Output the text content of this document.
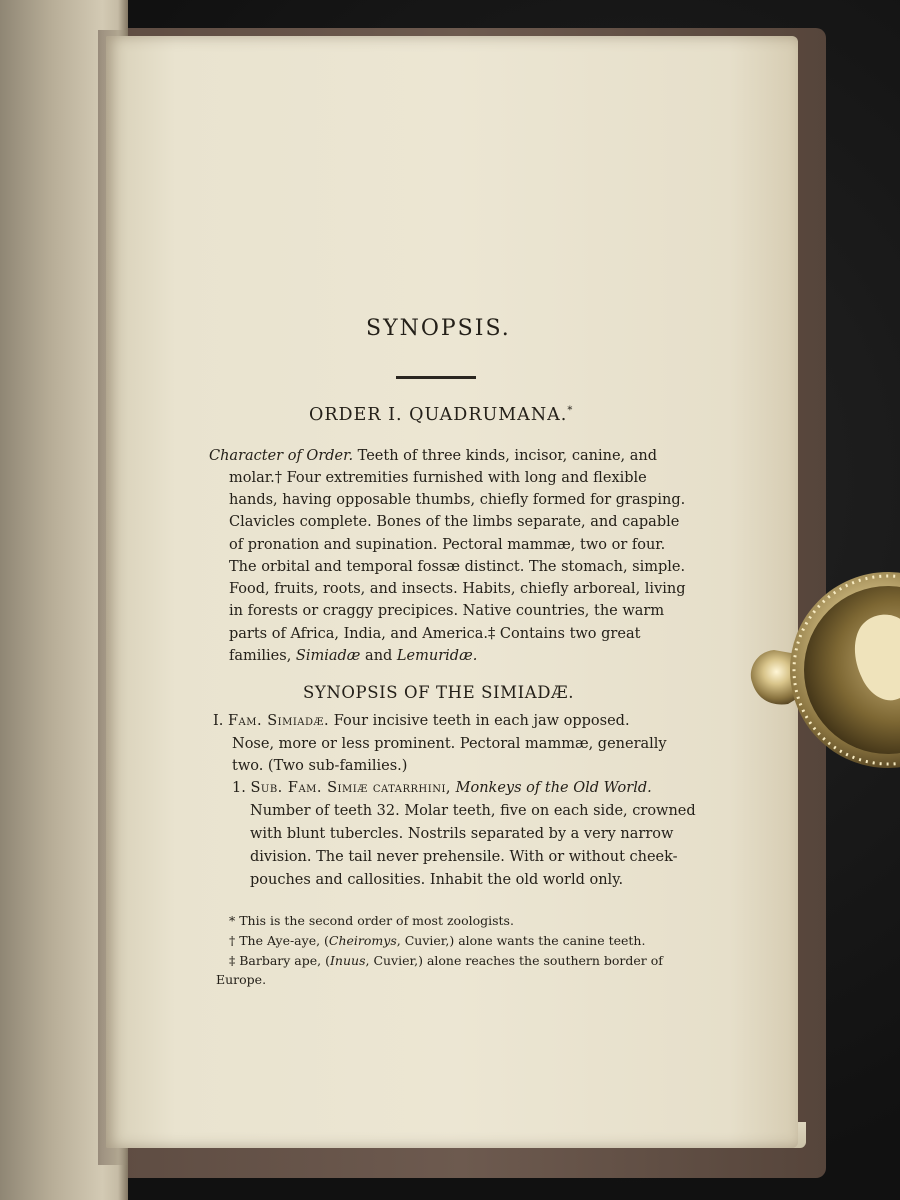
SYNOPSIS.
ORDER I. QUADRUMANA.*
Character of Order. Teeth of three kinds, incisor, canine, and
molar.† Four extremities furnished with long and flexible
hands, having opposable thumbs, chiefly formed for grasping.
Clavicles complete. Bones of the limbs separate, and capable
of pronation and supination. Pectoral mammæ, two or four.
The orbital and temporal fossæ distinct. The stomach, simple.
Food, fruits, roots, and insects. Habits, chiefly arboreal, living
in forests or craggy precipices. Native countries, the warm
parts of Africa, India, and America.‡ Contains two great
families, Simiadæ and Lemuridæ.
SYNOPSIS OF THE SIMIADÆ.
I. Fam. Simiadæ. Four incisive teeth in each jaw opposed.
Nose, more or less prominent. Pectoral mammæ, generally
two. (Two sub-families.)
1. Sub. Fam. Simiæ catarrhini, Monkeys of the Old World.
Number of teeth 32. Molar teeth, five on each side, crowned
with blunt tubercles. Nostrils separated by a very narrow
division. The tail never prehensile. With or without cheek-
pouches and callosities. Inhabit the old world only.
* This is the second order of most zoologists.
† The Aye-aye, (Cheiromys, Cuvier,) alone wants the canine teeth.
‡ Barbary ape, (Inuus, Cuvier,) alone reaches the southern border of
Europe.
